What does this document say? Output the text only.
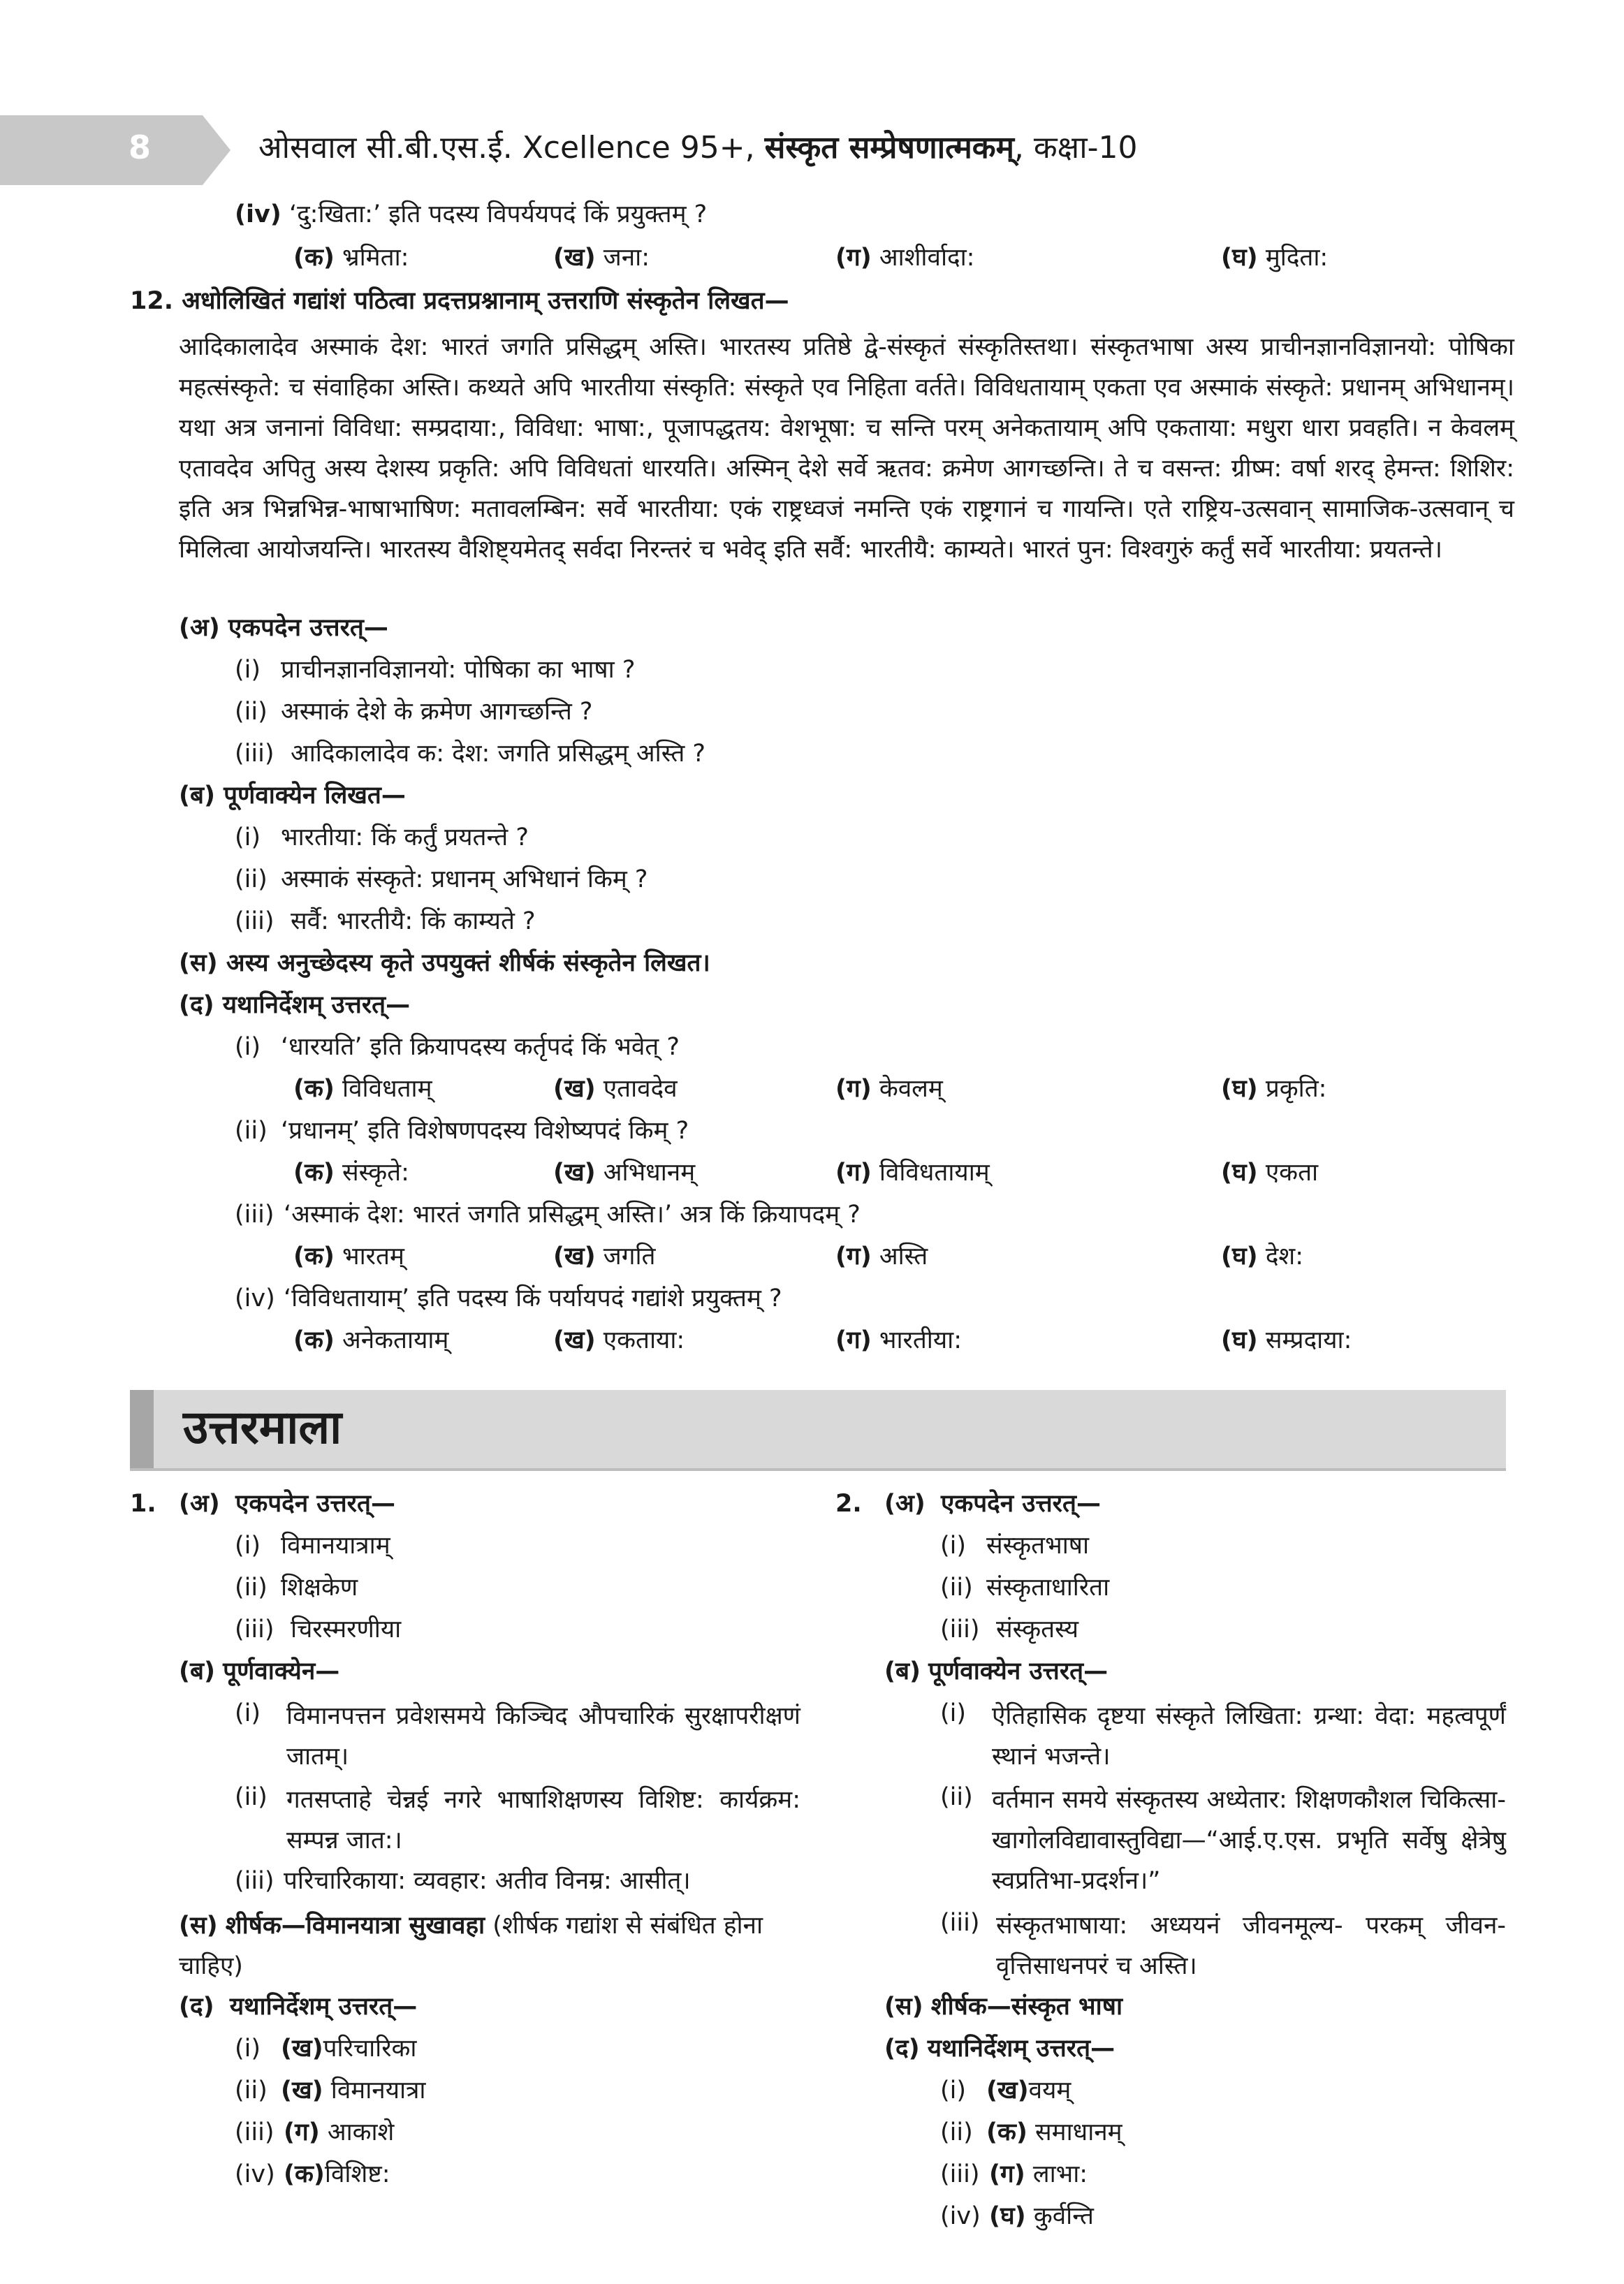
8	ओसवाल सी.बी.एस.ई. Xcellence 95+, संस्कृत सम्प्रेषणात्मकम्, कक्षा-10
(iv) ‘दु:खिता:’ इति पदस्य विपर्ययपदं किं प्रयुक्तम् ?
(क) भ्रमिता:	(ख) जना:	(ग) आशीर्वादा:	(घ) मुदिता:
12. अधोलिखितं गद्यांशं पठित्वा प्रदत्तप्रश्नानाम् उत्तराणि संस्कृतेन लिखत—
आदिकालादेव अस्माकं देश: भारतं जगति प्रसिद्धम् अस्ति। भारतस्य प्रतिष्ठे द्वे-संस्कृतं संस्कृतिस्तथा। संस्कृतभाषा अस्य प्राचीनज्ञानविज्ञानयो: पोषिका महत्संस्कृते: च संवाहिका अस्ति। कथ्यते अपि भारतीया संस्कृति: संस्कृते एव निहिता वर्तते। विविधतायाम् एकता एव अस्माकं संस्कृते: प्रधानम् अभिधानम्। यथा अत्र जनानां विविधा: सम्प्रदाया:, विविधा: भाषा:, पूजापद्धतय: वेशभूषा: च सन्ति परम् अनेकतायाम् अपि एकताया: मधुरा धारा प्रवहति। न केवलम् एतावदेव अपितु अस्य देशस्य प्रकृति: अपि विविधतां धारयति। अस्मिन् देशे सर्वे ऋतव: क्रमेण आगच्छन्ति। ते च वसन्त: ग्रीष्म: वर्षा शरद् हेमन्त: शिशिर: इति अत्र भिन्नभिन्न-भाषाभाषिण: मतावलम्बिन: सर्वे भारतीया: एकं राष्ट्रध्वजं नमन्ति एकं राष्ट्रगानं च गायन्ति। एते राष्ट्रिय-उत्सवान् सामाजिक-उत्सवान् च मिलित्वा आयोजयन्ति। भारतस्य वैशिष्ट्यमेतद् सर्वदा निरन्तरं च भवेद् इति सर्वै: भारतीयै: काम्यते। भारतं पुन: विश्वगुरुं कर्तुं सर्वे भारतीया: प्रयतन्ते।
(अ) एकपदेन उत्तरत्—
(i) प्राचीनज्ञानविज्ञानयो: पोषिका का भाषा ?
(ii) अस्माकं देशे के क्रमेण आगच्छन्ति ?
(iii) आदिकालादेव क: देश: जगति प्रसिद्धम् अस्ति ?
(ब) पूर्णवाक्येन लिखत—
(i) भारतीया: किं कर्तुं प्रयतन्ते ?
(ii) अस्माकं संस्कृते: प्रधानम् अभिधानं किम् ?
(iii) सर्वै: भारतीयै: किं काम्यते ?
(स) अस्य अनुच्छेदस्य कृते उपयुक्तं शीर्षकं संस्कृतेन लिखत।
(द) यथानिर्देशम् उत्तरत्—
(i) ‘धारयति’ इति क्रियापदस्य कर्तृपदं किं भवेत् ?
(क) विविधताम्	(ख) एतावदेव	(ग) केवलम्	(घ) प्रकृति:
(ii) ‘प्रधानम्’ इति विशेषणपदस्य विशेष्यपदं किम् ?
(क) संस्कृते:	(ख) अभिधानम्	(ग) विविधतायाम्	(घ) एकता
(iii) ‘अस्माकं देश: भारतं जगति प्रसिद्धम् अस्ति।’ अत्र किं क्रियापदम् ?
(क) भारतम्	(ख) जगति	(ग) अस्ति	(घ) देश:
(iv) ‘विविधतायाम्’ इति पदस्य किं पर्यायपदं गद्यांशे प्रयुक्तम् ?
(क) अनेकतायाम्	(ख) एकताया:	(ग) भारतीया:	(घ) सम्प्रदाया:
उत्तरमाला
1. (अ) एकपदेन उत्तरत्—
(i) विमानयात्राम्
(ii) शिक्षकेण
(iii) चिरस्मरणीया
(ब) पूर्णवाक्येन—
(i) विमानपत्तन प्रवेशसमये किञ्चिद औपचारिकं सुरक्षापरीक्षणं जातम्।
(ii) गतसप्ताहे चेन्नई नगरे भाषाशिक्षणस्य विशिष्ट: कार्यक्रम: सम्पन्न जात:।
(iii) परिचारिकाया: व्यवहार: अतीव विनम्र: आसीत्।
(स) शीर्षक—विमानयात्रा सुखावहा (शीर्षक गद्यांश से संबंधित होना चाहिए)
(द) यथानिर्देशम् उत्तरत्—
(i) (ख)परिचारिका
(ii) (ख) विमानयात्रा
(iii) (ग) आकाशे
(iv) (क)विशिष्ट:
2. (अ) एकपदेन उत्तरत्—
(i) संस्कृतभाषा
(ii) संस्कृताधारिता
(iii) संस्कृतस्य
(ब) पूर्णवाक्येन उत्तरत्—
(i) ऐतिहासिक दृष्टया संस्कृते लिखिता: ग्रन्था: वेदा: महत्वपूर्णं स्थानं भजन्ते।
(ii) वर्तमान समये संस्कृतस्य अध्येतार: शिक्षणकौशल चिकित्सा-खागोलविद्यावास्तुविद्या—“आई.ए.एस. प्रभृति सर्वेषु क्षेत्रेषु स्वप्रतिभा-प्रदर्शन।”
(iii) संस्कृतभाषाया: अध्ययनं जीवनमूल्य- परकम् जीवन-वृत्तिसाधनपरं च अस्ति।
(स) शीर्षक—संस्कृत भाषा
(द) यथानिर्देशम् उत्तरत्—
(i) (ख)वयम्
(ii) (क) समाधानम्
(iii) (ग) लाभा:
(iv) (घ) कुर्वन्ति
